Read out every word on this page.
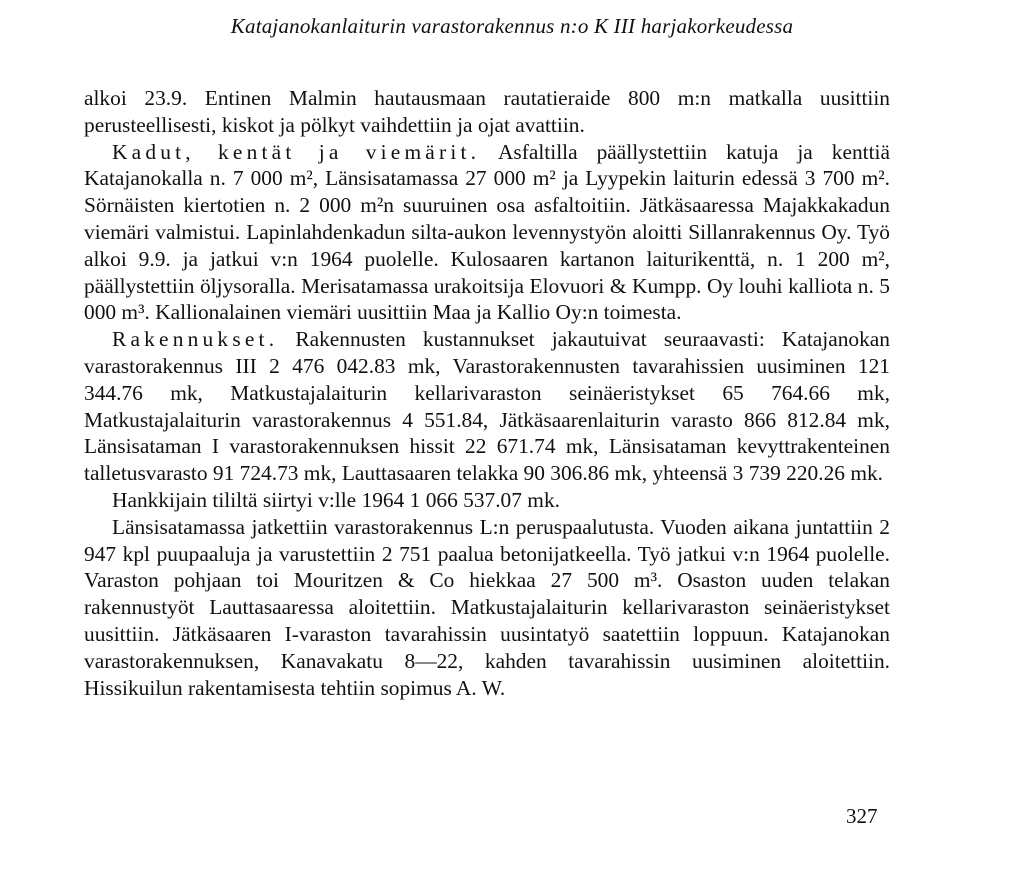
Katajanokanlaiturin varastorakennus n:o K III harjakorkeudessa

alkoi 23.9. Entinen Malmin hautausmaan rautatieraide 800 m:n matkalla uusittiin perusteellisesti, kiskot ja pölkyt vaihdettiin ja ojat avattiin.

Kadut, kentät ja viemärit. Asfaltilla päällystettiin katuja ja kenttiä Katajanokalla n. 7 000 m², Länsisatamassa 27 000 m² ja Lyypekin laiturin edessä 3 700 m². Sörnäisten kiertotien n. 2 000 m²n suuruinen osa asfaltoitiin. Jätkäsaaressa Majakkakadun viemäri valmistui. Lapinlahdenkadun silta-aukon levennystyön aloitti Sillanrakennus Oy. Työ alkoi 9.9. ja jatkui v:n 1964 puolelle. Kulosaaren kartanon laiturikenttä, n. 1 200 m², päällystettiin öljysoralla. Merisatamassa urakoitsija Elovuori & Kumpp. Oy louhi kalliota n. 5 000 m³. Kallionalainen viemäri uusittiin Maa ja Kallio Oy:n toimesta.

Rakennukset. Rakennusten kustannukset jakautuivat seuraavasti: Katajanokan varastorakennus III 2 476 042.83 mk, Varastorakennusten tavarahissien uusiminen 121 344.76 mk, Matkustajalaiturin kellarivaraston seinäeristykset 65 764.66 mk, Matkustajalaiturin varastorakennus 4 551.84, Jätkäsaarenlaiturin varasto 866 812.84 mk, Länsisataman I varastorakennuksen hissit 22 671.74 mk, Länsisataman kevyttrakenteinen talletusvarasto 91 724.73 mk, Lauttasaaren telakka 90 306.86 mk, yhteensä 3 739 220.26 mk.

Hankkijain tililtä siirtyi v:lle 1964 1 066 537.07 mk.

Länsisatamassa jatkettiin varastorakennus L:n peruspaalutusta. Vuoden aikana juntattiin 2 947 kpl puupaaluja ja varustettiin 2 751 paalua betonijatkeella. Työ jatkui v:n 1964 puolelle. Varaston pohjaan toi Mouritzen & Co hiekkaa 27 500 m³. Osaston uuden telakan rakennustyöt Lauttasaaressa aloitettiin. Matkustajalaiturin kellarivaraston seinäeristykset uusittiin. Jätkäsaaren I-varaston tavarahissin uusintatyö saatettiin loppuun. Katajanokan varastorakennuksen, Kanavakatu 8—22, kahden tavarahissin uusiminen aloitettiin. Hissikuilun rakentamisesta tehtiin sopimus A. W.

327
